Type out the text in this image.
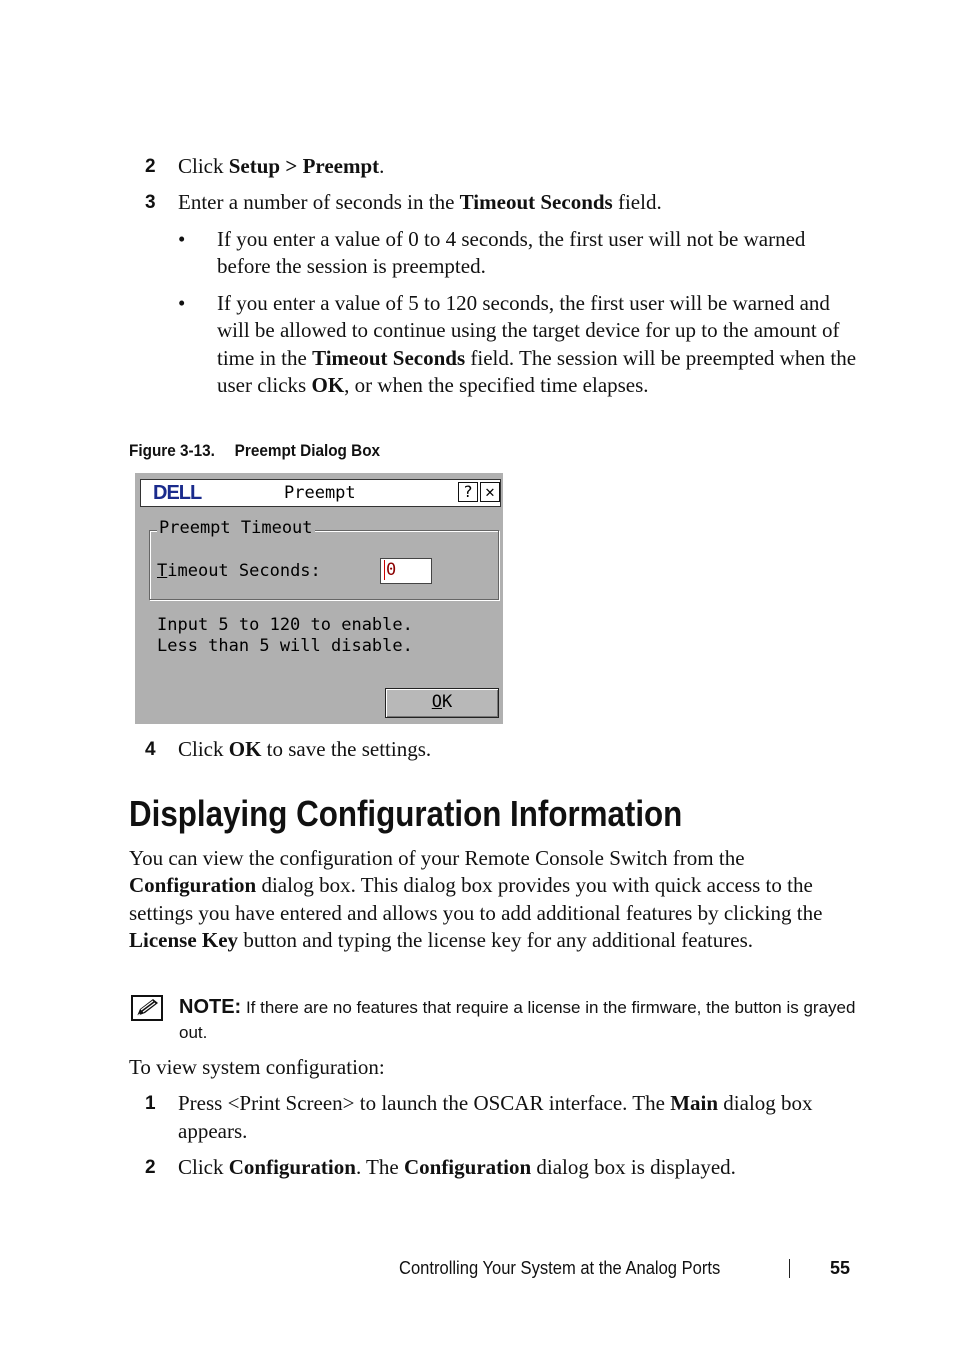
2 Click Setup > Preempt.
3 Enter a number of seconds in the Timeout Seconds field.
• If you enter a value of 0 to 4 seconds, the first user will not be warned before the session is preempted.
• If you enter a value of 5 to 120 seconds, the first user will be warned and will be allowed to continue using the target device for up to the amount of time in the Timeout Seconds field. The session will be preempted when the user clicks OK, or when the specified time elapses.
Figure 3-13. Preempt Dialog Box
DELL	Preempt	? ✕
Preempt Timeout
Timeout Seconds:	0
Input 5 to 120 to enable.
Less than 5 will disable.
OK
4 Click OK to save the settings.
Displaying Configuration Information
You can view the configuration of your Remote Console Switch from the Configuration dialog box. This dialog box provides you with quick access to the settings you have entered and allows you to add additional features by clicking the License Key button and typing the license key for any additional features.
NOTE: If there are no features that require a license in the firmware, the button is grayed out.
To view system configuration:
1 Press <Print Screen> to launch the OSCAR interface. The Main dialog box appears.
2 Click Configuration. The Configuration dialog box is displayed.
Controlling Your System at the Analog Ports	55
